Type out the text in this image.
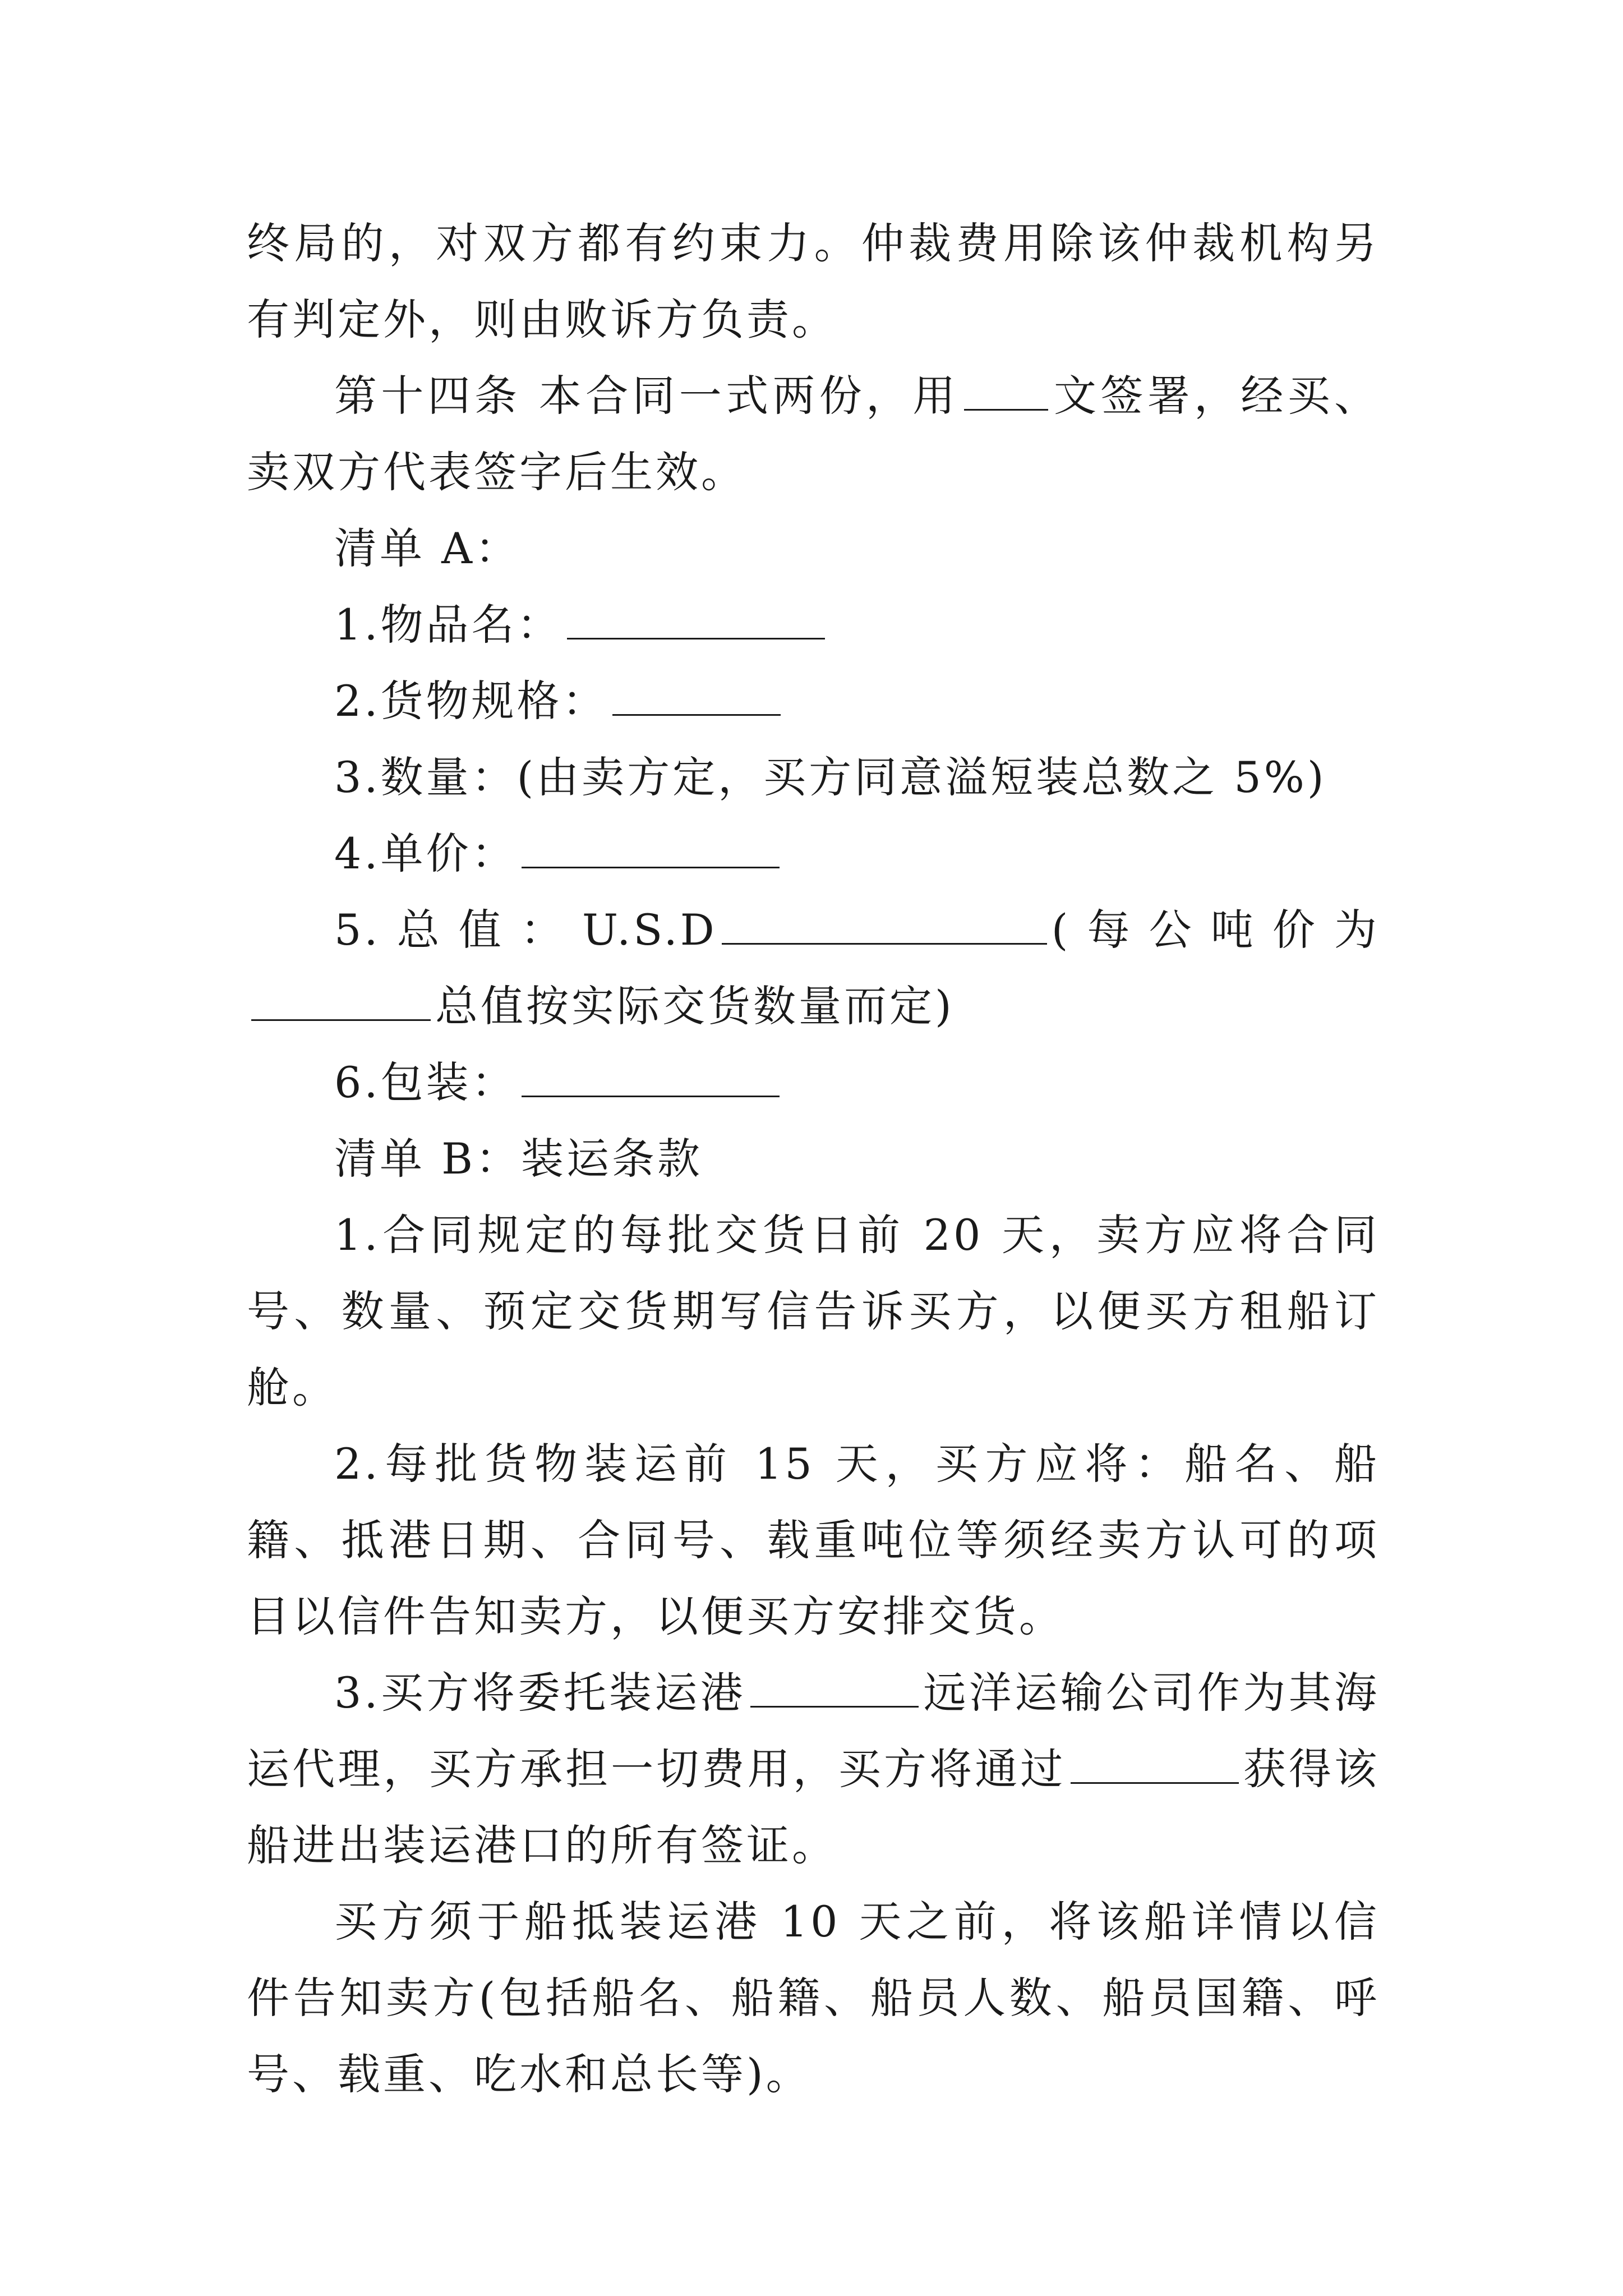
终局的，对双方都有约束力。仲裁费用除该仲裁机构另有判定外，则由败诉方负责。

第十四条 本合同一式两份，用 文签署，经买、卖双方代表签字后生效。

清单 A：

1.物品名：

2.货物规格：

3.数量：(由卖方定，买方同意溢短装总数之 5%)

4.单价：

5.总值：U.S.D	(每公吨价为总值按实际交货数量而定)

6.包装：

清单 B：装运条款

1.合同规定的每批交货日前 20 天，卖方应将合同号、数量、预定交货期写信告诉买方，以便买方租船订舱。

2.每批货物装运前 15 天，买方应将：船名、船籍、抵港日期、合同号、载重吨位等须经卖方认可的项目以信件告知卖方，以便买方安排交货。

3.买方将委托装运港	远洋运输公司作为其海运代理，买方承担一切费用，买方将通过	获得该船进出装运港口的所有签证。

买方须于船抵装运港 10 天之前，将该船详情以信件告知卖方(包括船名、船籍、船员人数、船员国籍、呼号、载重、吃水和总长等)。
